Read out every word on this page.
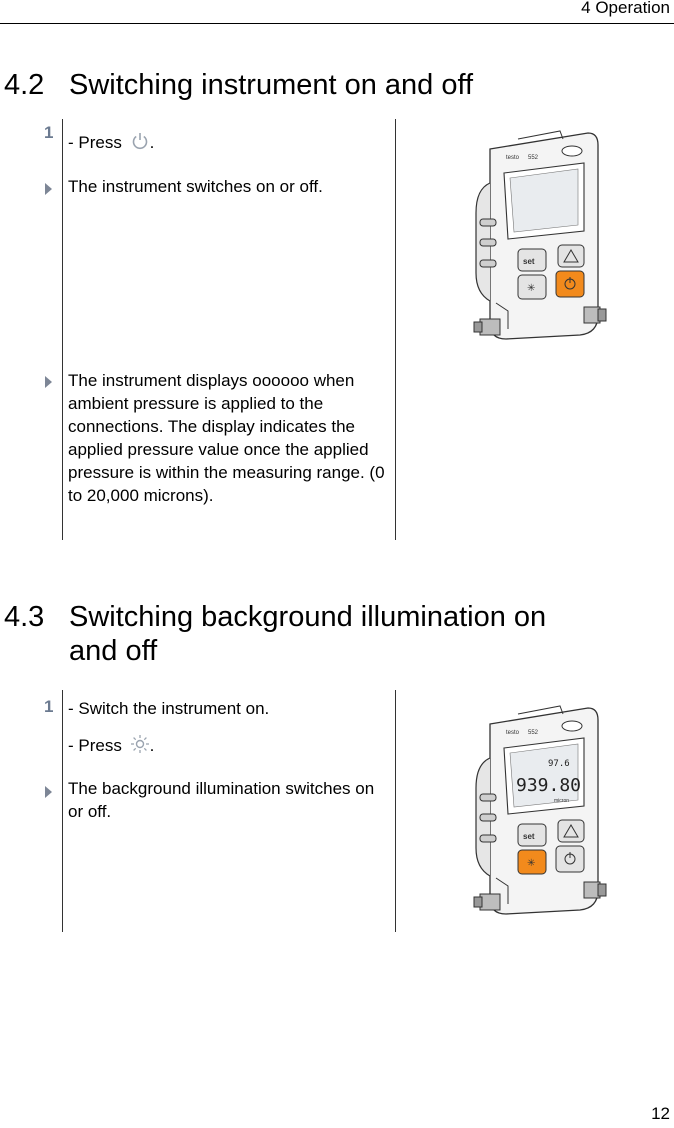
4 Operation
4.2 Switching instrument on and off
1
- Press .
The instrument switches on or off.
The instrument displays oooooo when ambient pressure is applied to the connections. The display indicates the applied pressure value once the applied pressure is within the measuring range. (0 to 20,000 microns).
testo 552
set
✳
4.3 Switching background illumination on
and off
1 - Switch the instrument on.
- Press .
The background illumination switches on or off.
testo 552
97.6
939.80
micron
set
✳
12
